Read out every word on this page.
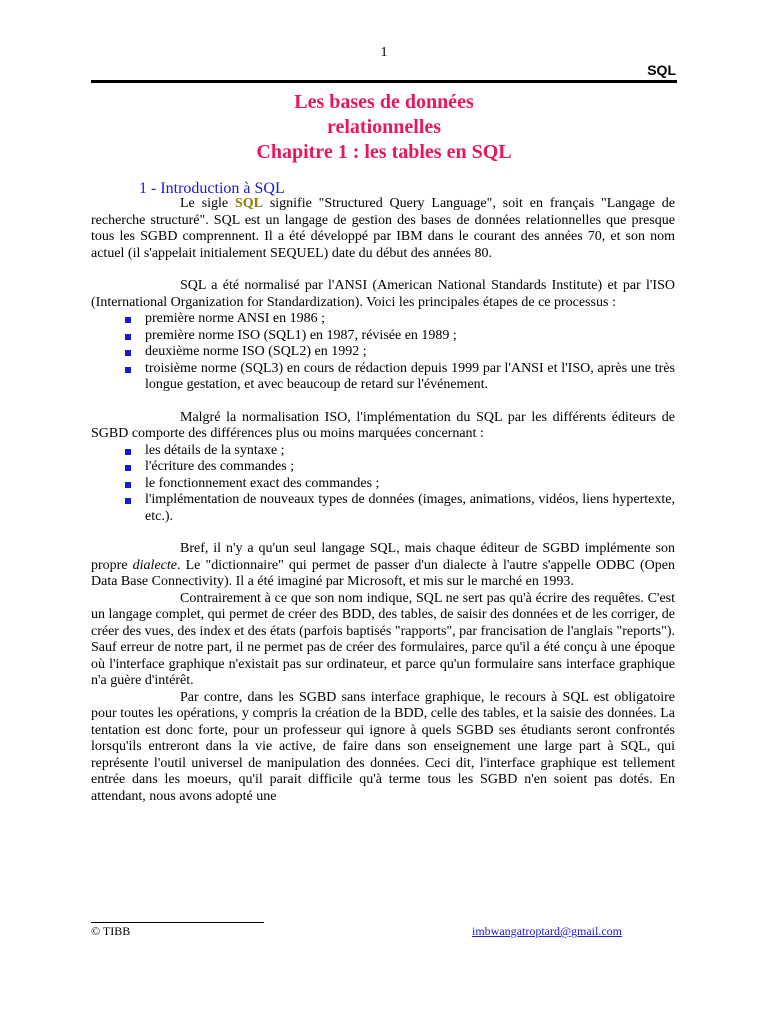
1
SQL
Les bases de données
relationnelles
Chapitre 1 : les tables en SQL
1 - Introduction à SQL

Le sigle SQL signifie "Structured Query Language", soit en français "Langage de recherche structuré". SQL est un langage de gestion des bases de données relationnelles que presque tous les SGBD comprennent. Il a été développé par IBM dans le courant des années 70, et son nom actuel (il s'appelait initialement SEQUEL) date du début des années 80.

SQL a été normalisé par l'ANSI (American National Standards Institute) et par l'ISO (International Organization for Standardization). Voici les principales étapes de ce processus :

première norme ANSI en 1986 ;
première norme ISO (SQL1) en 1987, révisée en 1989 ;
deuxième norme ISO (SQL2) en 1992 ;
troisième norme (SQL3) en cours de rédaction depuis 1999 par l'ANSI et l'ISO, après une très longue gestation, et avec beaucoup de retard sur l'événement.

Malgré la normalisation ISO, l'implémentation du SQL par les différents éditeurs de SGBD comporte des différences plus ou moins marquées concernant :

les détails de la syntaxe ;
l'écriture des commandes ;
le fonctionnement exact des commandes ;
l'implémentation de nouveaux types de données (images, animations, vidéos, liens hypertexte, etc.).

Bref, il n'y a qu'un seul langage SQL, mais chaque éditeur de SGBD implémente son propre dialecte. Le "dictionnaire" qui permet de passer d'un dialecte à l'autre s'appelle ODBC (Open Data Base Connectivity). Il a été imaginé par Microsoft, et mis sur le marché en 1993.

Contrairement à ce que son nom indique, SQL ne sert pas qu'à écrire des requêtes. C'est un langage complet, qui permet de créer des BDD, des tables, de saisir des données et de les corriger, de créer des vues, des index et des états (parfois baptisés "rapports", par francisation de l'anglais "reports"). Sauf erreur de notre part, il ne permet pas de créer des formulaires, parce qu'il a été conçu à une époque où l'interface graphique n'existait pas sur ordinateur, et parce qu'un formulaire sans interface graphique n'a guère d'intérêt.

Par contre, dans les SGBD sans interface graphique, le recours à SQL est obligatoire pour toutes les opérations, y compris la création de la BDD, celle des tables, et la saisie des données. La tentation est donc forte, pour un professeur qui ignore à quels SGBD ses étudiants seront confrontés lorsqu'ils entreront dans la vie active, de faire dans son enseignement une large part à SQL, qui représente l'outil universel de manipulation des données. Ceci dit, l'interface graphique est tellement entrée dans les moeurs, qu'il parait difficile qu'à terme tous les SGBD n'en soient pas dotés. En attendant, nous avons adopté une

© TIBB	imbwangatroptard@gmail.com
